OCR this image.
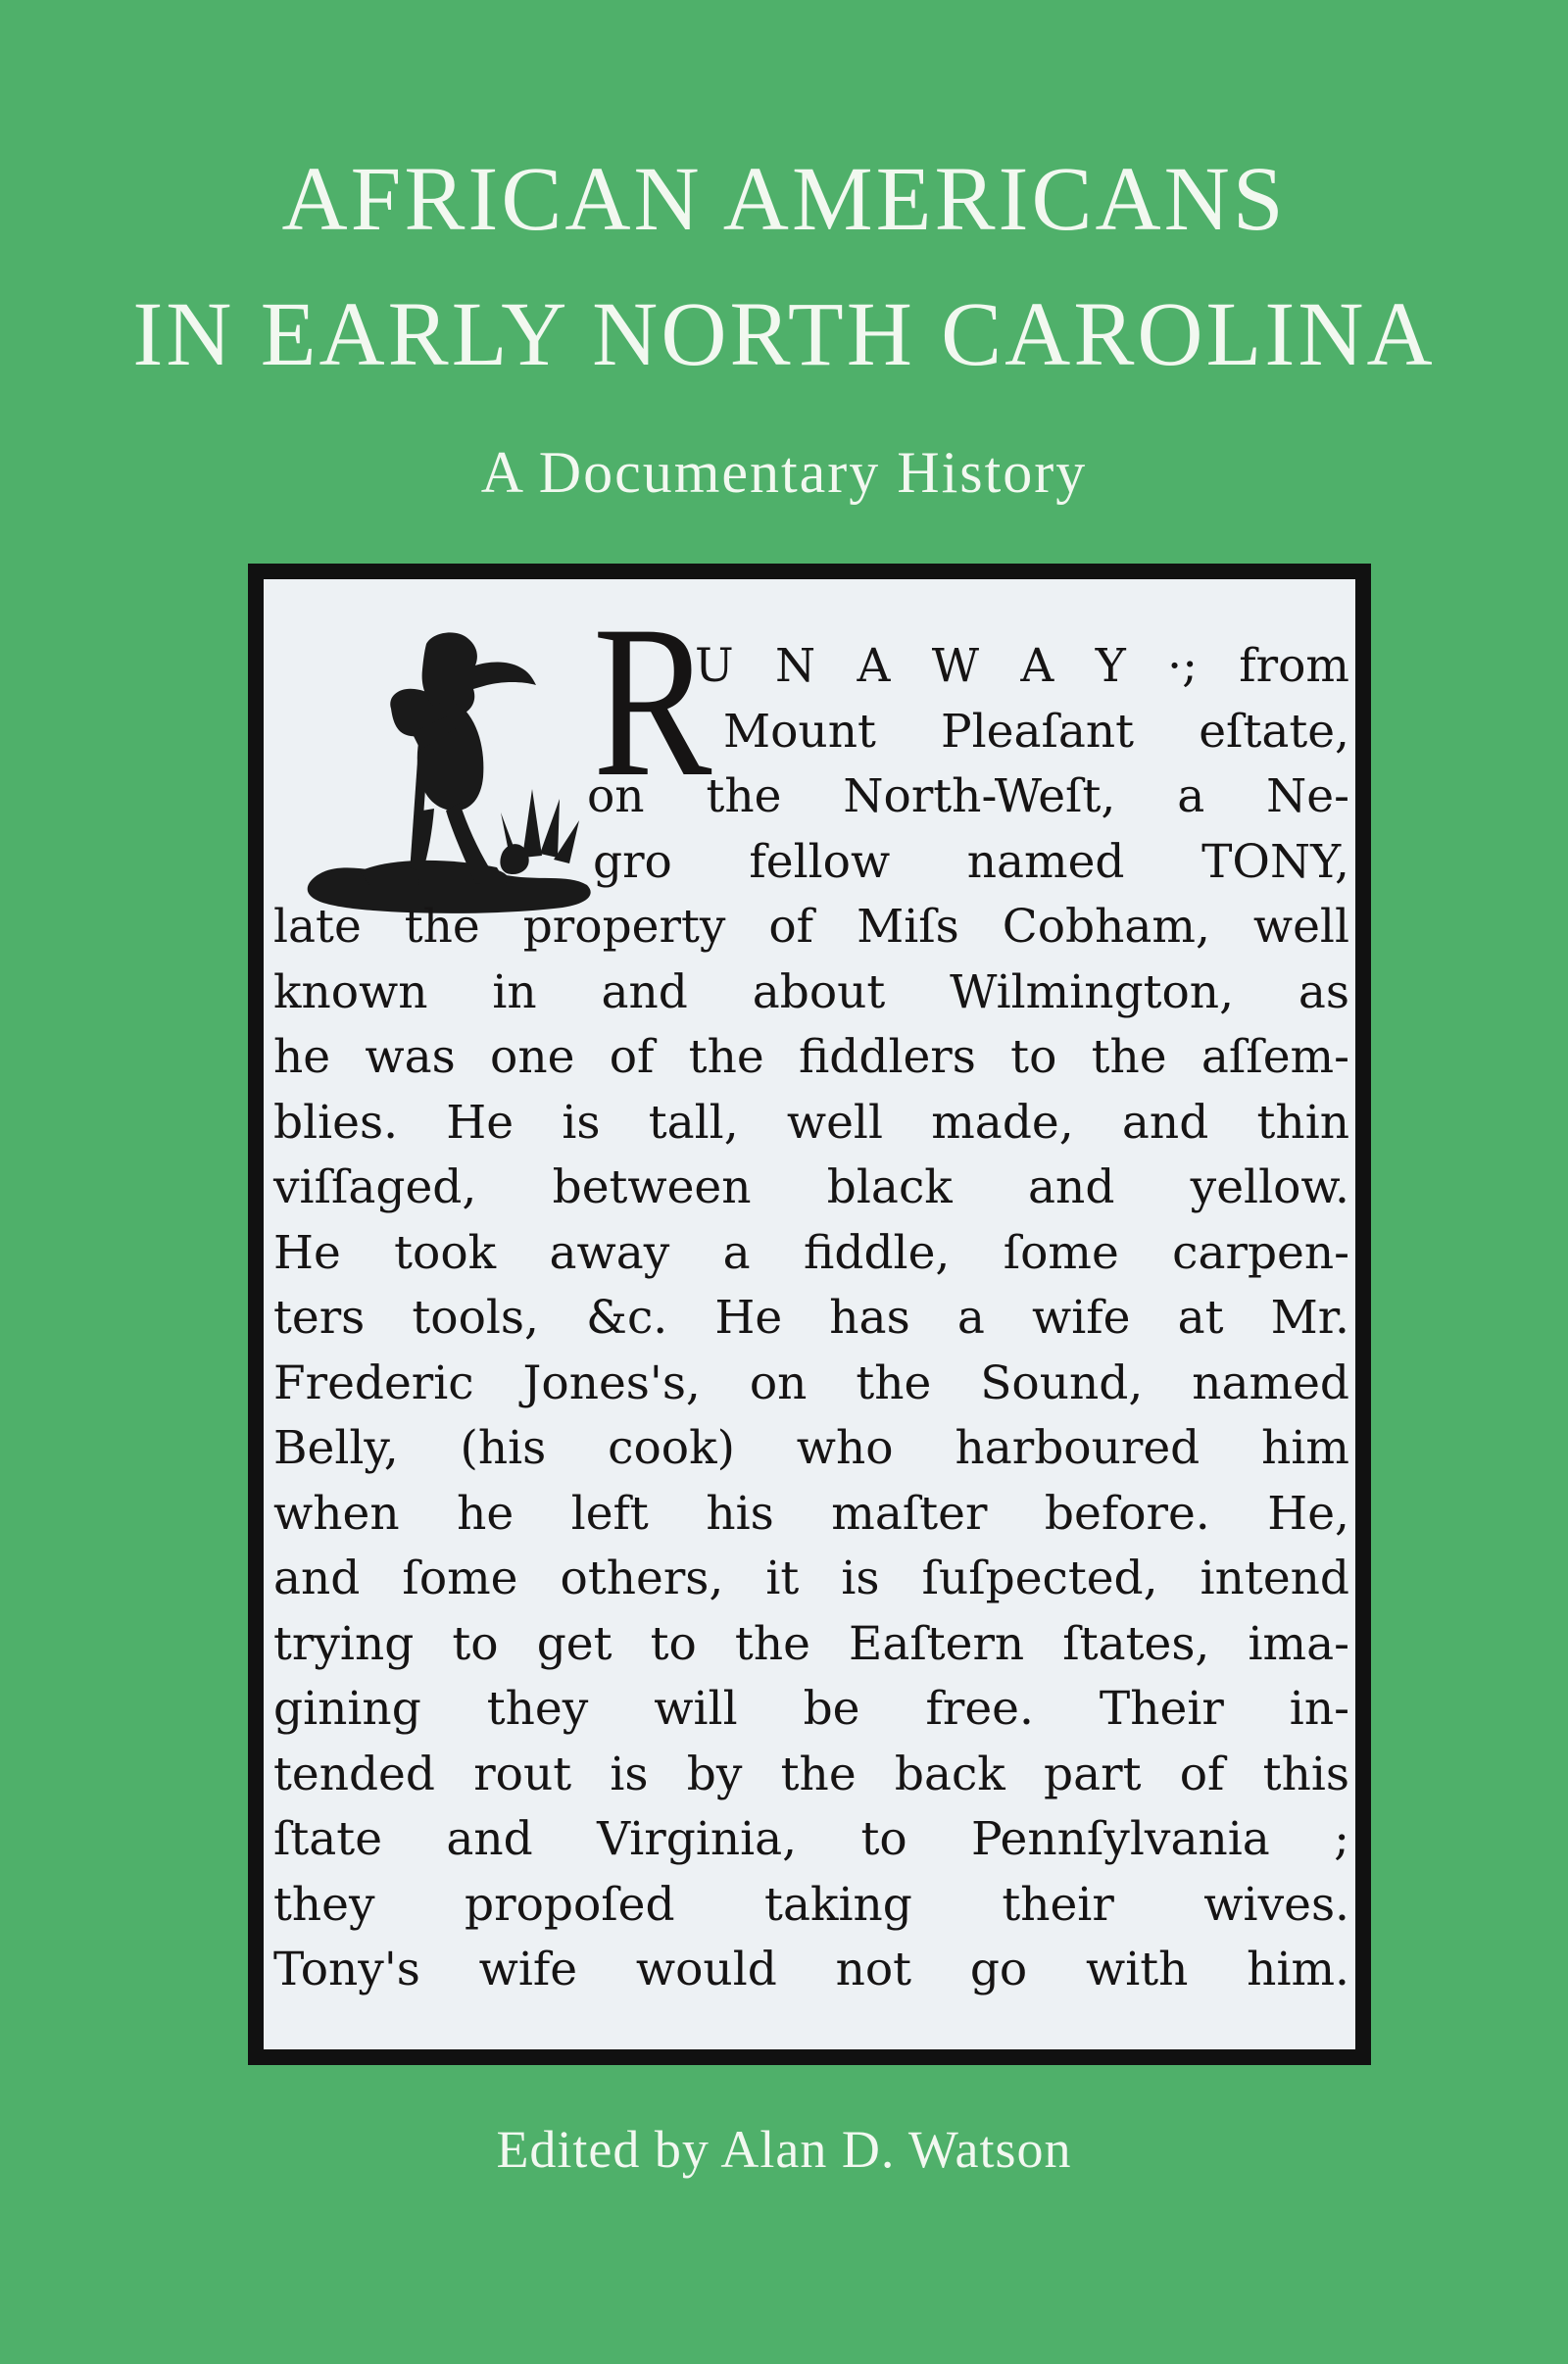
AFRICAN AMERICANS
IN EARLY NORTH CAROLINA
A Documentary History
R
U N A W A Y ·; from
Mount Pleaſant eſtate,
on the North-Weſt, a Ne-
gro fellow named TONY,
late the property of Miſs Cobham, well
known in and about Wilmington, as
he was one of the fiddlers to the aſſem-
blies. He is tall, well made, and thin
viſſaged, between black and yellow.
He took away a fiddle, ſome carpen-
ters tools, &c. He has a wife at Mr.
Frederic Jones's, on the Sound, named
Belly, (his cook) who harboured him
when he left his maſter before. He,
and ſome others, it is ſuſpected, intend
trying to get to the Eaſtern ſtates, ima-
gining they will be free. Their in-
tended rout is by the back part of this
ſtate and Virginia, to Pennſylvania ;
they propoſed taking their wives.
Tony's wife would not go with him.
Edited by Alan D. Watson
